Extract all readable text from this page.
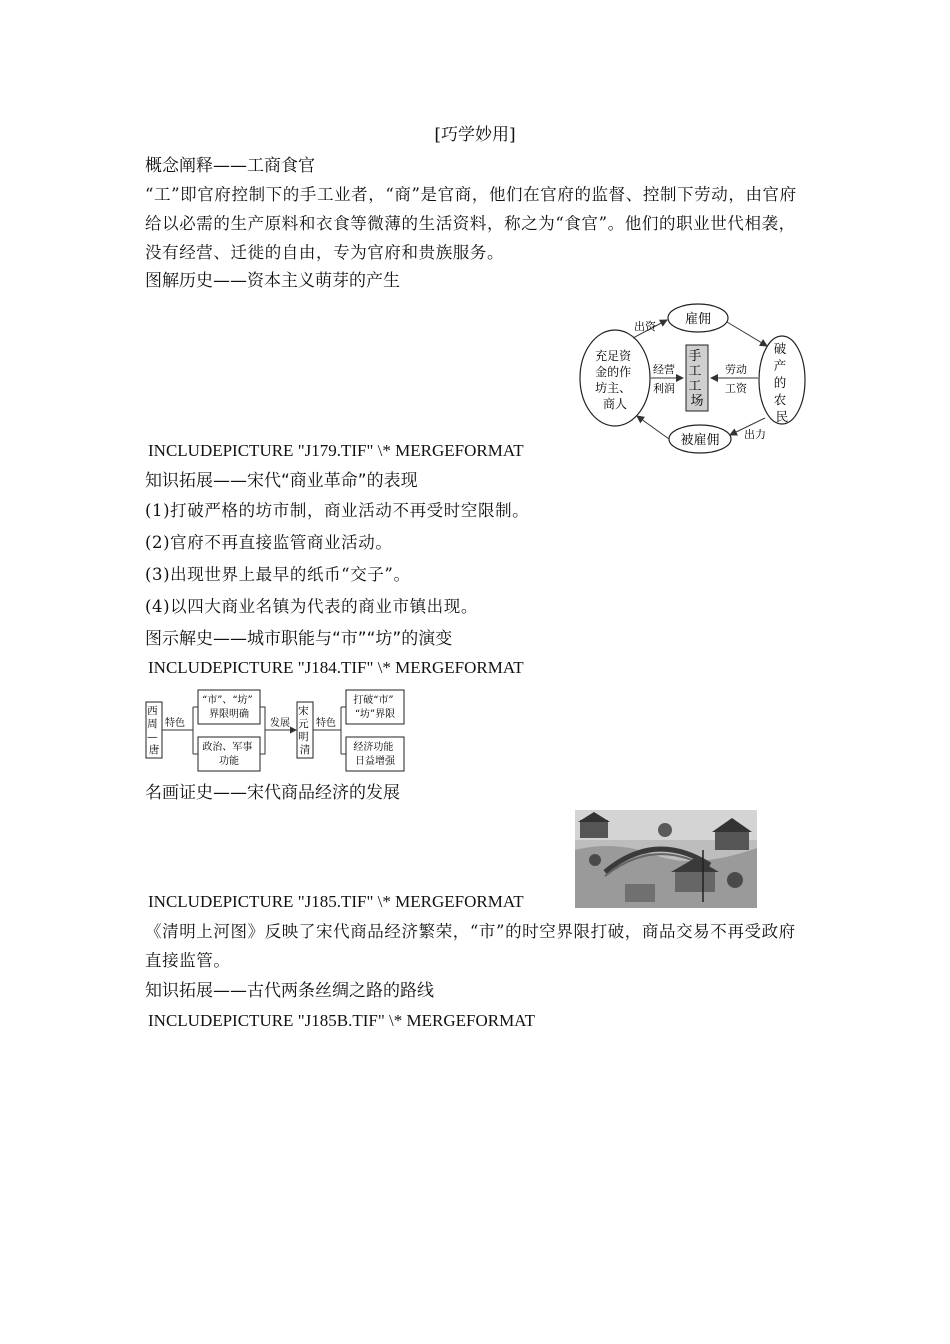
[巧学妙用]
概念阐释——工商食官
“工”即官府控制下的手工业者，“商”是官商，他们在官府的监督、控制下劳动，由官府给以必需的生产原料和衣食等微薄的生活资料，称之为“食官”。他们的职业世代相袭，没有经营、迁徙的自由，专为官府和贵族服务。
图解历史——资本主义萌芽的产生
充足资 金的作 坊主、 商人
雇佣
被雇佣
破 产 的 农 民
手 工 工 场
出资
出力
经营
利润
劳动
工资
INCLUDEPICTURE "J179.TIF" \* MERGEFORMAT
知识拓展——宋代“商业革命”的表现
(1)打破严格的坊市制，商业活动不再受时空限制。
(2)官府不再直接监管商业活动。
(3)出现世界上最早的纸币“交子”。
(4)以四大商业名镇为代表的商业市镇出现。
图示解史——城市职能与“市”“坊”的演变
INCLUDEPICTURE "J184.TIF" \* MERGEFORMAT
西 周 — 唐
特色
“市”、“坊” 界限明确
政治、军事 功能
发展
宋 元 明 清
特色
打破“市” “坊”界限
经济功能 日益增强
名画证史——宋代商品经济的发展
INCLUDEPICTURE "J185.TIF" \* MERGEFORMAT
《清明上河图》反映了宋代商品经济繁荣，“市”的时空界限打破，商品交易不再受政府直接监管。
知识拓展——古代两条丝绸之路的路线
INCLUDEPICTURE "J185B.TIF" \* MERGEFORMAT
